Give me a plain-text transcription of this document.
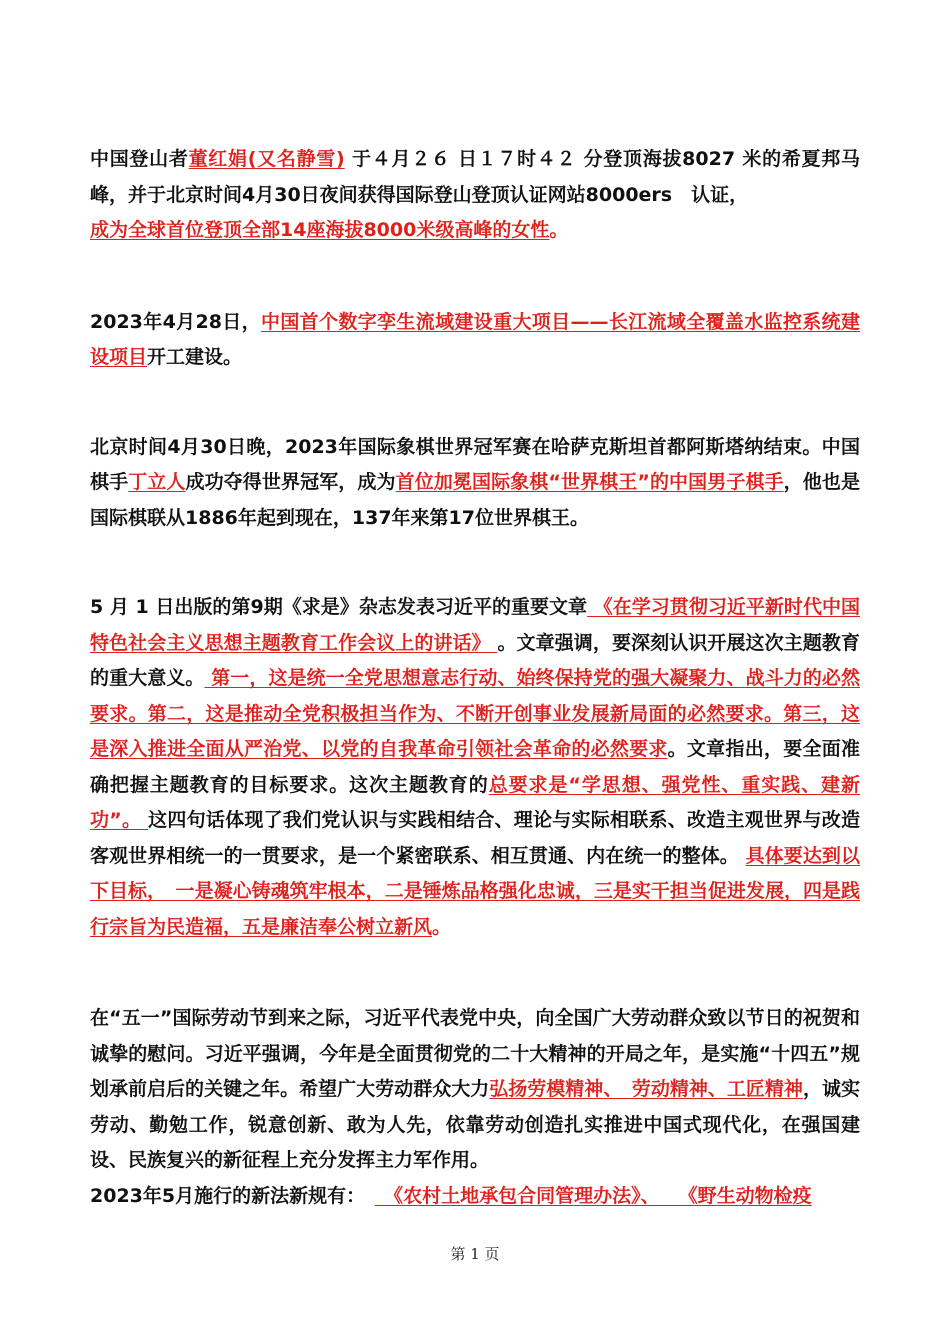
中国登山者董红娟(又名静雪) 于４月２６ 日１７时４２ 分登顶海拔8027 米的希夏邦马峰，并于北京时间4月30日夜间获得国际登山登顶认证网站8000ers　认证，
成为全球首位登顶全部14座海拔8000米级高峰的女性。

2023年4月28日，中国首个数字孪生流域建设重大项目——长江流域全覆盖水监控系统建设项目开工建设。

北京时间4月30日晚，2023年国际象棋世界冠军赛在哈萨克斯坦首都阿斯塔纳结束。中国棋手丁立人成功夺得世界冠军，成为首位加冕国际象棋“世界棋王”的中国男子棋手，他也是国际棋联从1886年起到现在，137年来第17位世界棋王。

5 月 1 日出版的第9期《求是》杂志发表习近平的重要文章 《在学习贯彻习近平新时代中国特色社会主义思想主题教育工作会议上的讲话》 。文章强调，要深刻认识开展这次主题教育的重大意义。 第一，这是统一全党思想意志行动、始终保持党的强大凝聚力、战斗力的必然要求。第二，这是推动全党积极担当作为、不断开创事业发展新局面的必然要求。第三，这是深入推进全面从严治党、以党的自我革命引领社会革命的必然要求。文章指出，要全面准确把握主题教育的目标要求。这次主题教育的总要求是“学思想、强党性、重实践、建新功”。 这四句话体现了我们党认识与实践相结合、理论与实际相联系、改造主观世界与改造客观世界相统一的一贯要求，是一个紧密联系、相互贯通、内在统一的整体。 具体要达到以下目标，　一是凝心铸魂筑牢根本，二是锤炼品格强化忠诚，三是实干担当促进发展，四是践行宗旨为民造福，五是廉洁奉公树立新风。

在“五一”国际劳动节到来之际，习近平代表党中央，向全国广大劳动群众致以节日的祝贺和诚挚的慰问。习近平强调，今年是全面贯彻党的二十大精神的开局之年，是实施“十四五”规划承前启后的关键之年。希望广大劳动群众大力弘扬劳模精神、　劳动精神、工匠精神，诚实劳动、勤勉工作，锐意创新、敢为人先，依靠劳动创造扎实推进中国式现代化，在强国建设、民族复兴的新征程上充分发挥主力军作用。

2023年5月施行的新法新规有：　　《农村土地承包合同管理办法》、　　《野生动物检疫

第 1 页
